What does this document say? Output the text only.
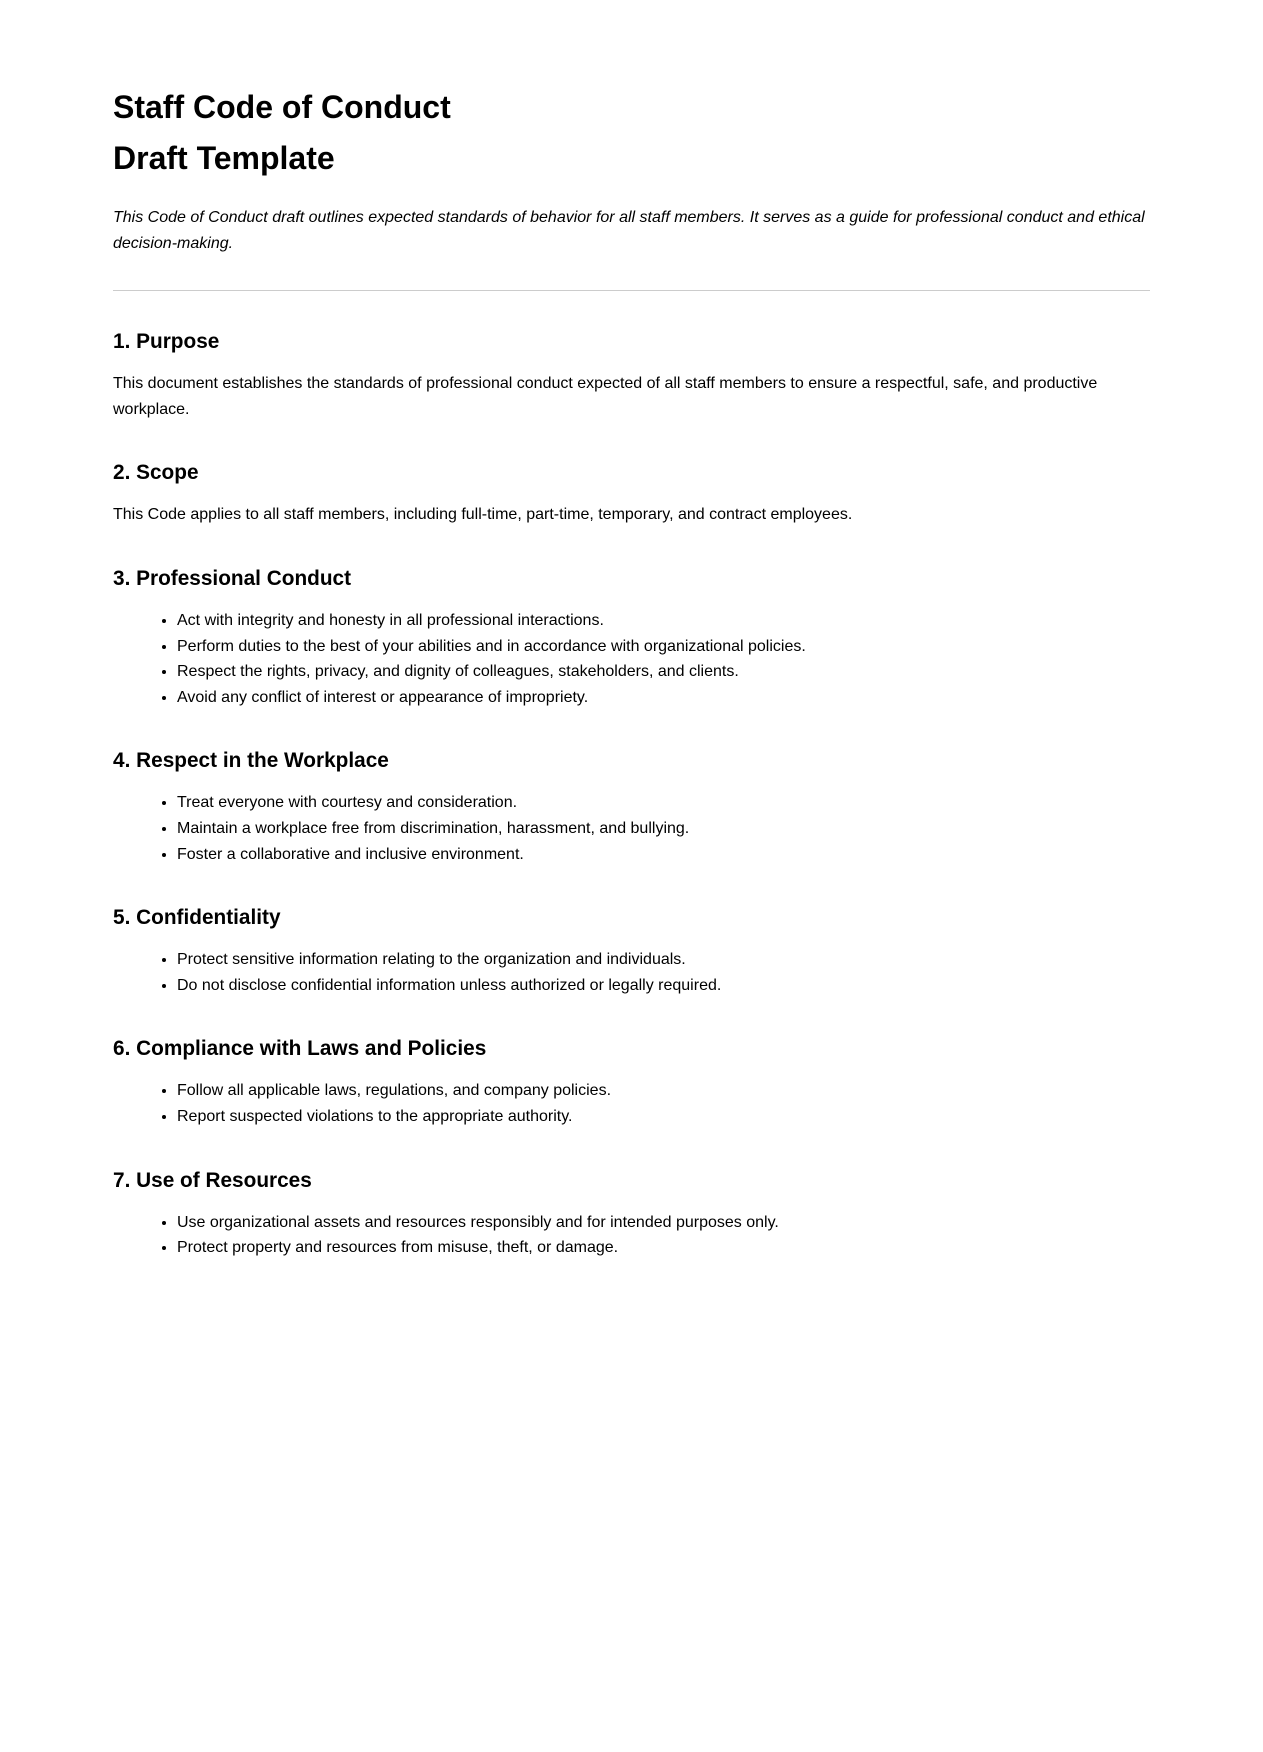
Staff Code of Conduct
Draft Template

This Code of Conduct draft outlines expected standards of behavior for all staff members. It serves as a guide for professional conduct and ethical decision-making.

1. Purpose

This document establishes the standards of professional conduct expected of all staff members to ensure a respectful, safe, and productive workplace.

2. Scope

This Code applies to all staff members, including full-time, part-time, temporary, and contract employees.

3. Professional Conduct
• Act with integrity and honesty in all professional interactions.
• Perform duties to the best of your abilities and in accordance with organizational policies.
• Respect the rights, privacy, and dignity of colleagues, stakeholders, and clients.
• Avoid any conflict of interest or appearance of impropriety.
4. Respect in the Workplace
• Treat everyone with courtesy and consideration.
• Maintain a workplace free from discrimination, harassment, and bullying.
• Foster a collaborative and inclusive environment.
5. Confidentiality
• Protect sensitive information relating to the organization and individuals.
• Do not disclose confidential information unless authorized or legally required.
6. Compliance with Laws and Policies
• Follow all applicable laws, regulations, and company policies.
• Report suspected violations to the appropriate authority.
7. Use of Resources
• Use organizational assets and resources responsibly and for intended purposes only.
• Protect property and resources from misuse, theft, or damage.
